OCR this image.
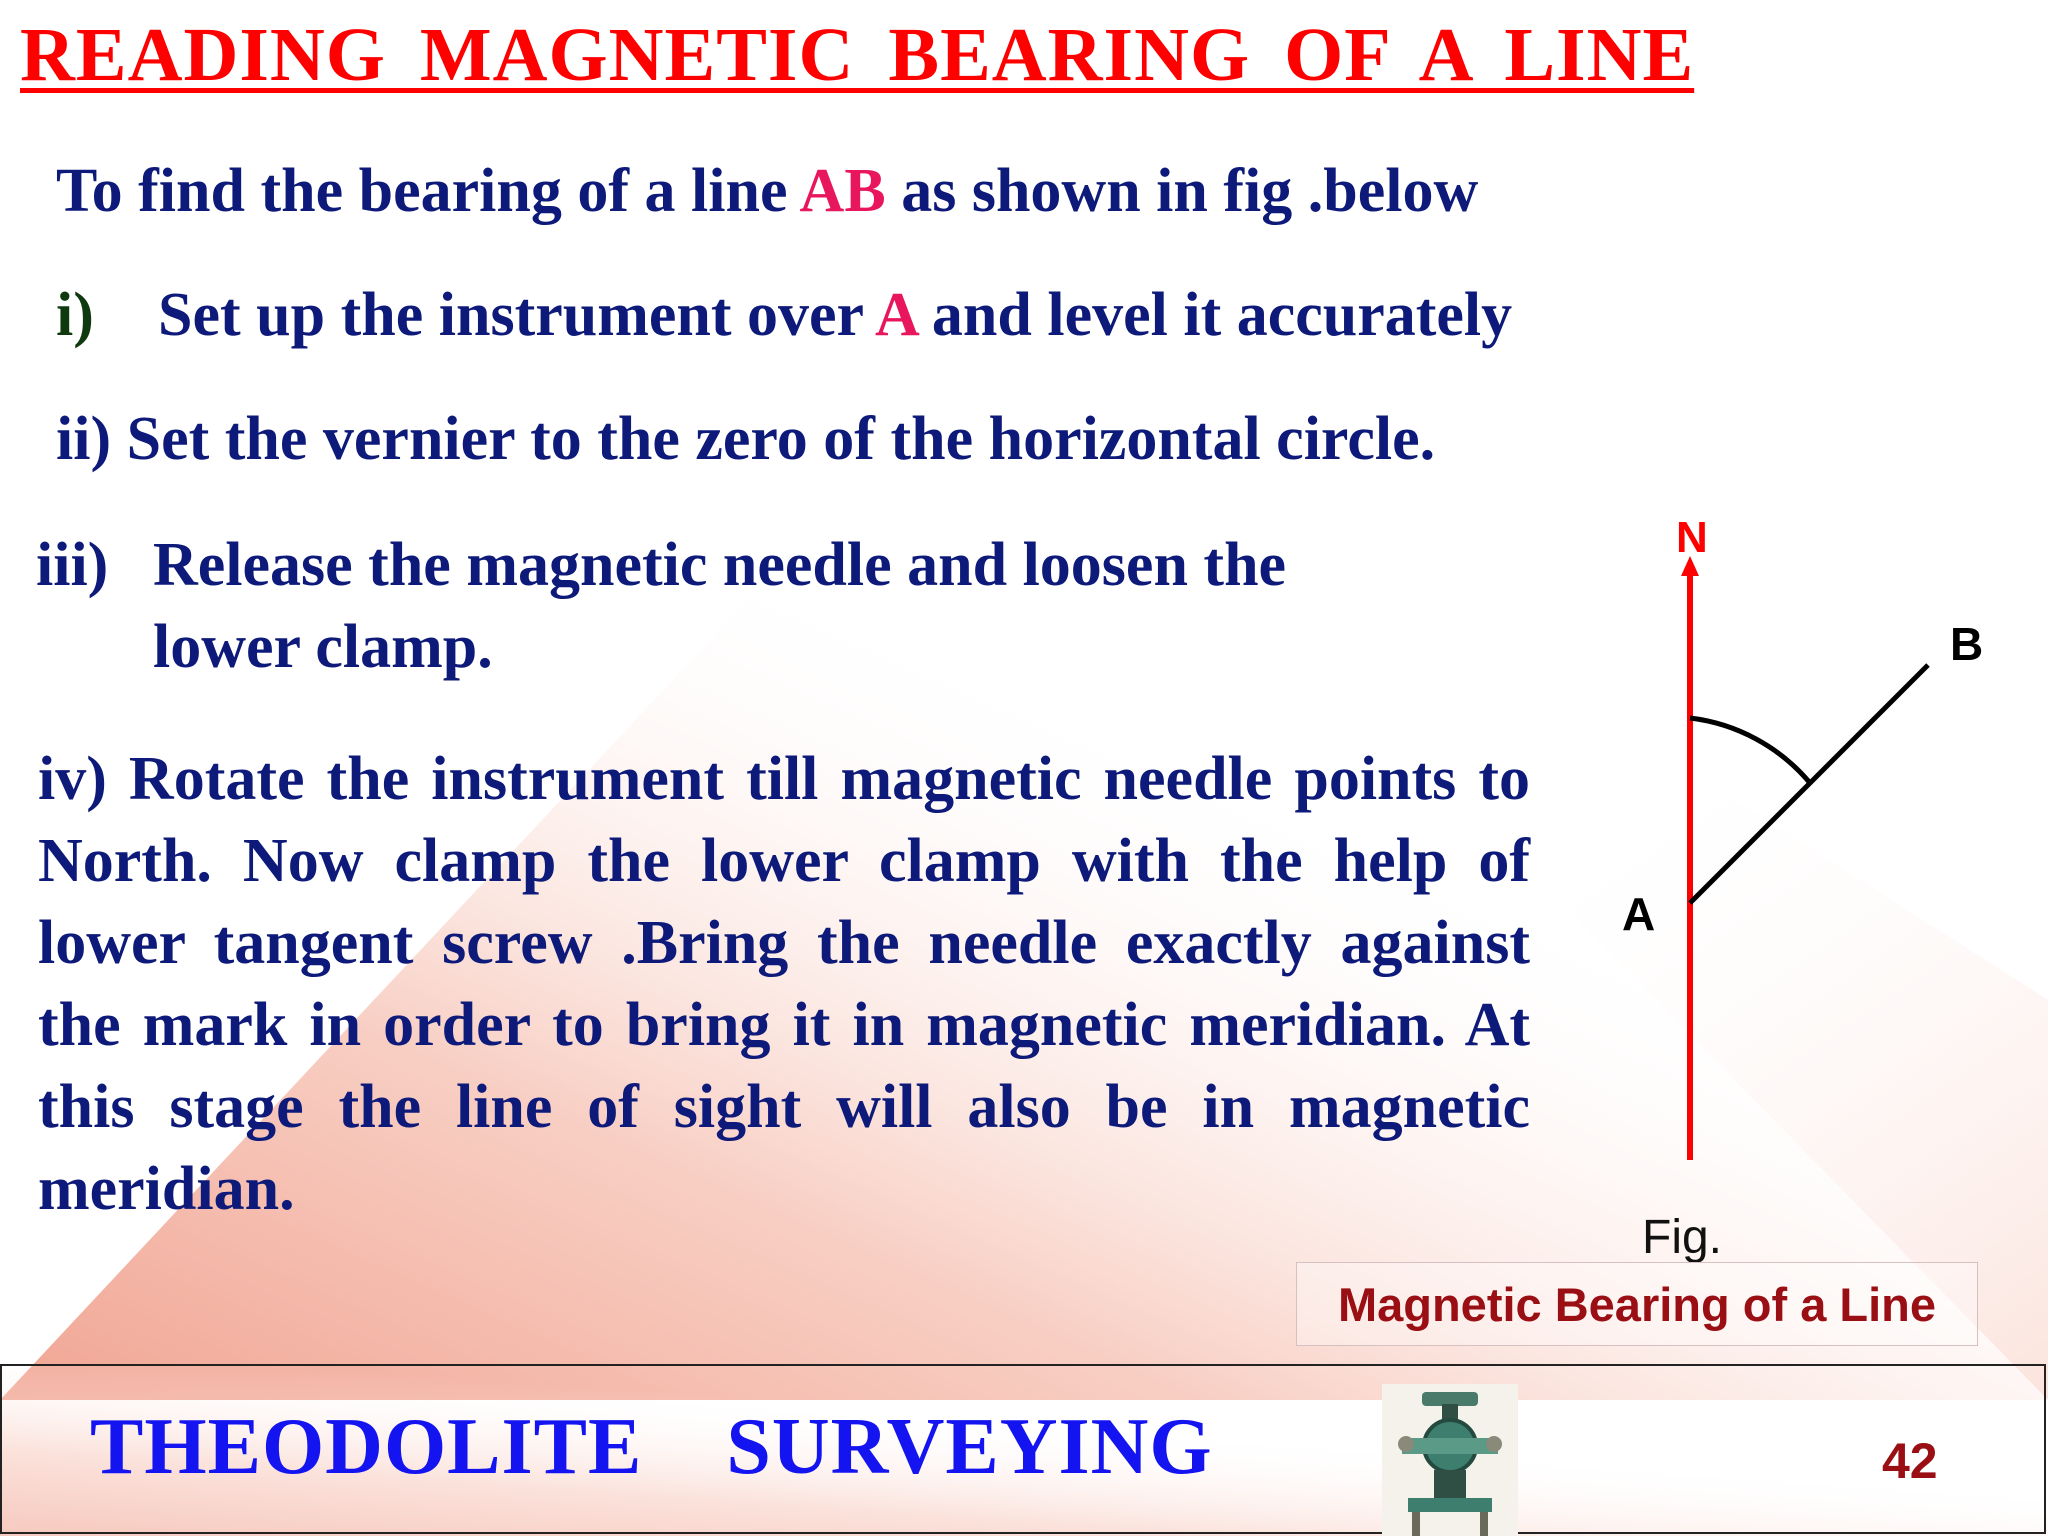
READING MAGNETIC BEARING OF A LINE
To find the bearing of a line AB as shown in fig .below
i) Set up the instrument over A and level it accurately
ii) Set the vernier to the zero of the horizontal circle.
iii) Release the magnetic needle and loosen the
lower clamp.
iv) Rotate the instrument till magnetic needle points to North. Now clamp the lower clamp with the help of lower tangent screw .Bring the needle exactly against the mark in order to bring it in magnetic meridian. At this stage the line of sight will also be in magnetic meridian.
N
B
A
Fig.
Magnetic Bearing of a Line
THEODOLITE    SURVEYING	42
